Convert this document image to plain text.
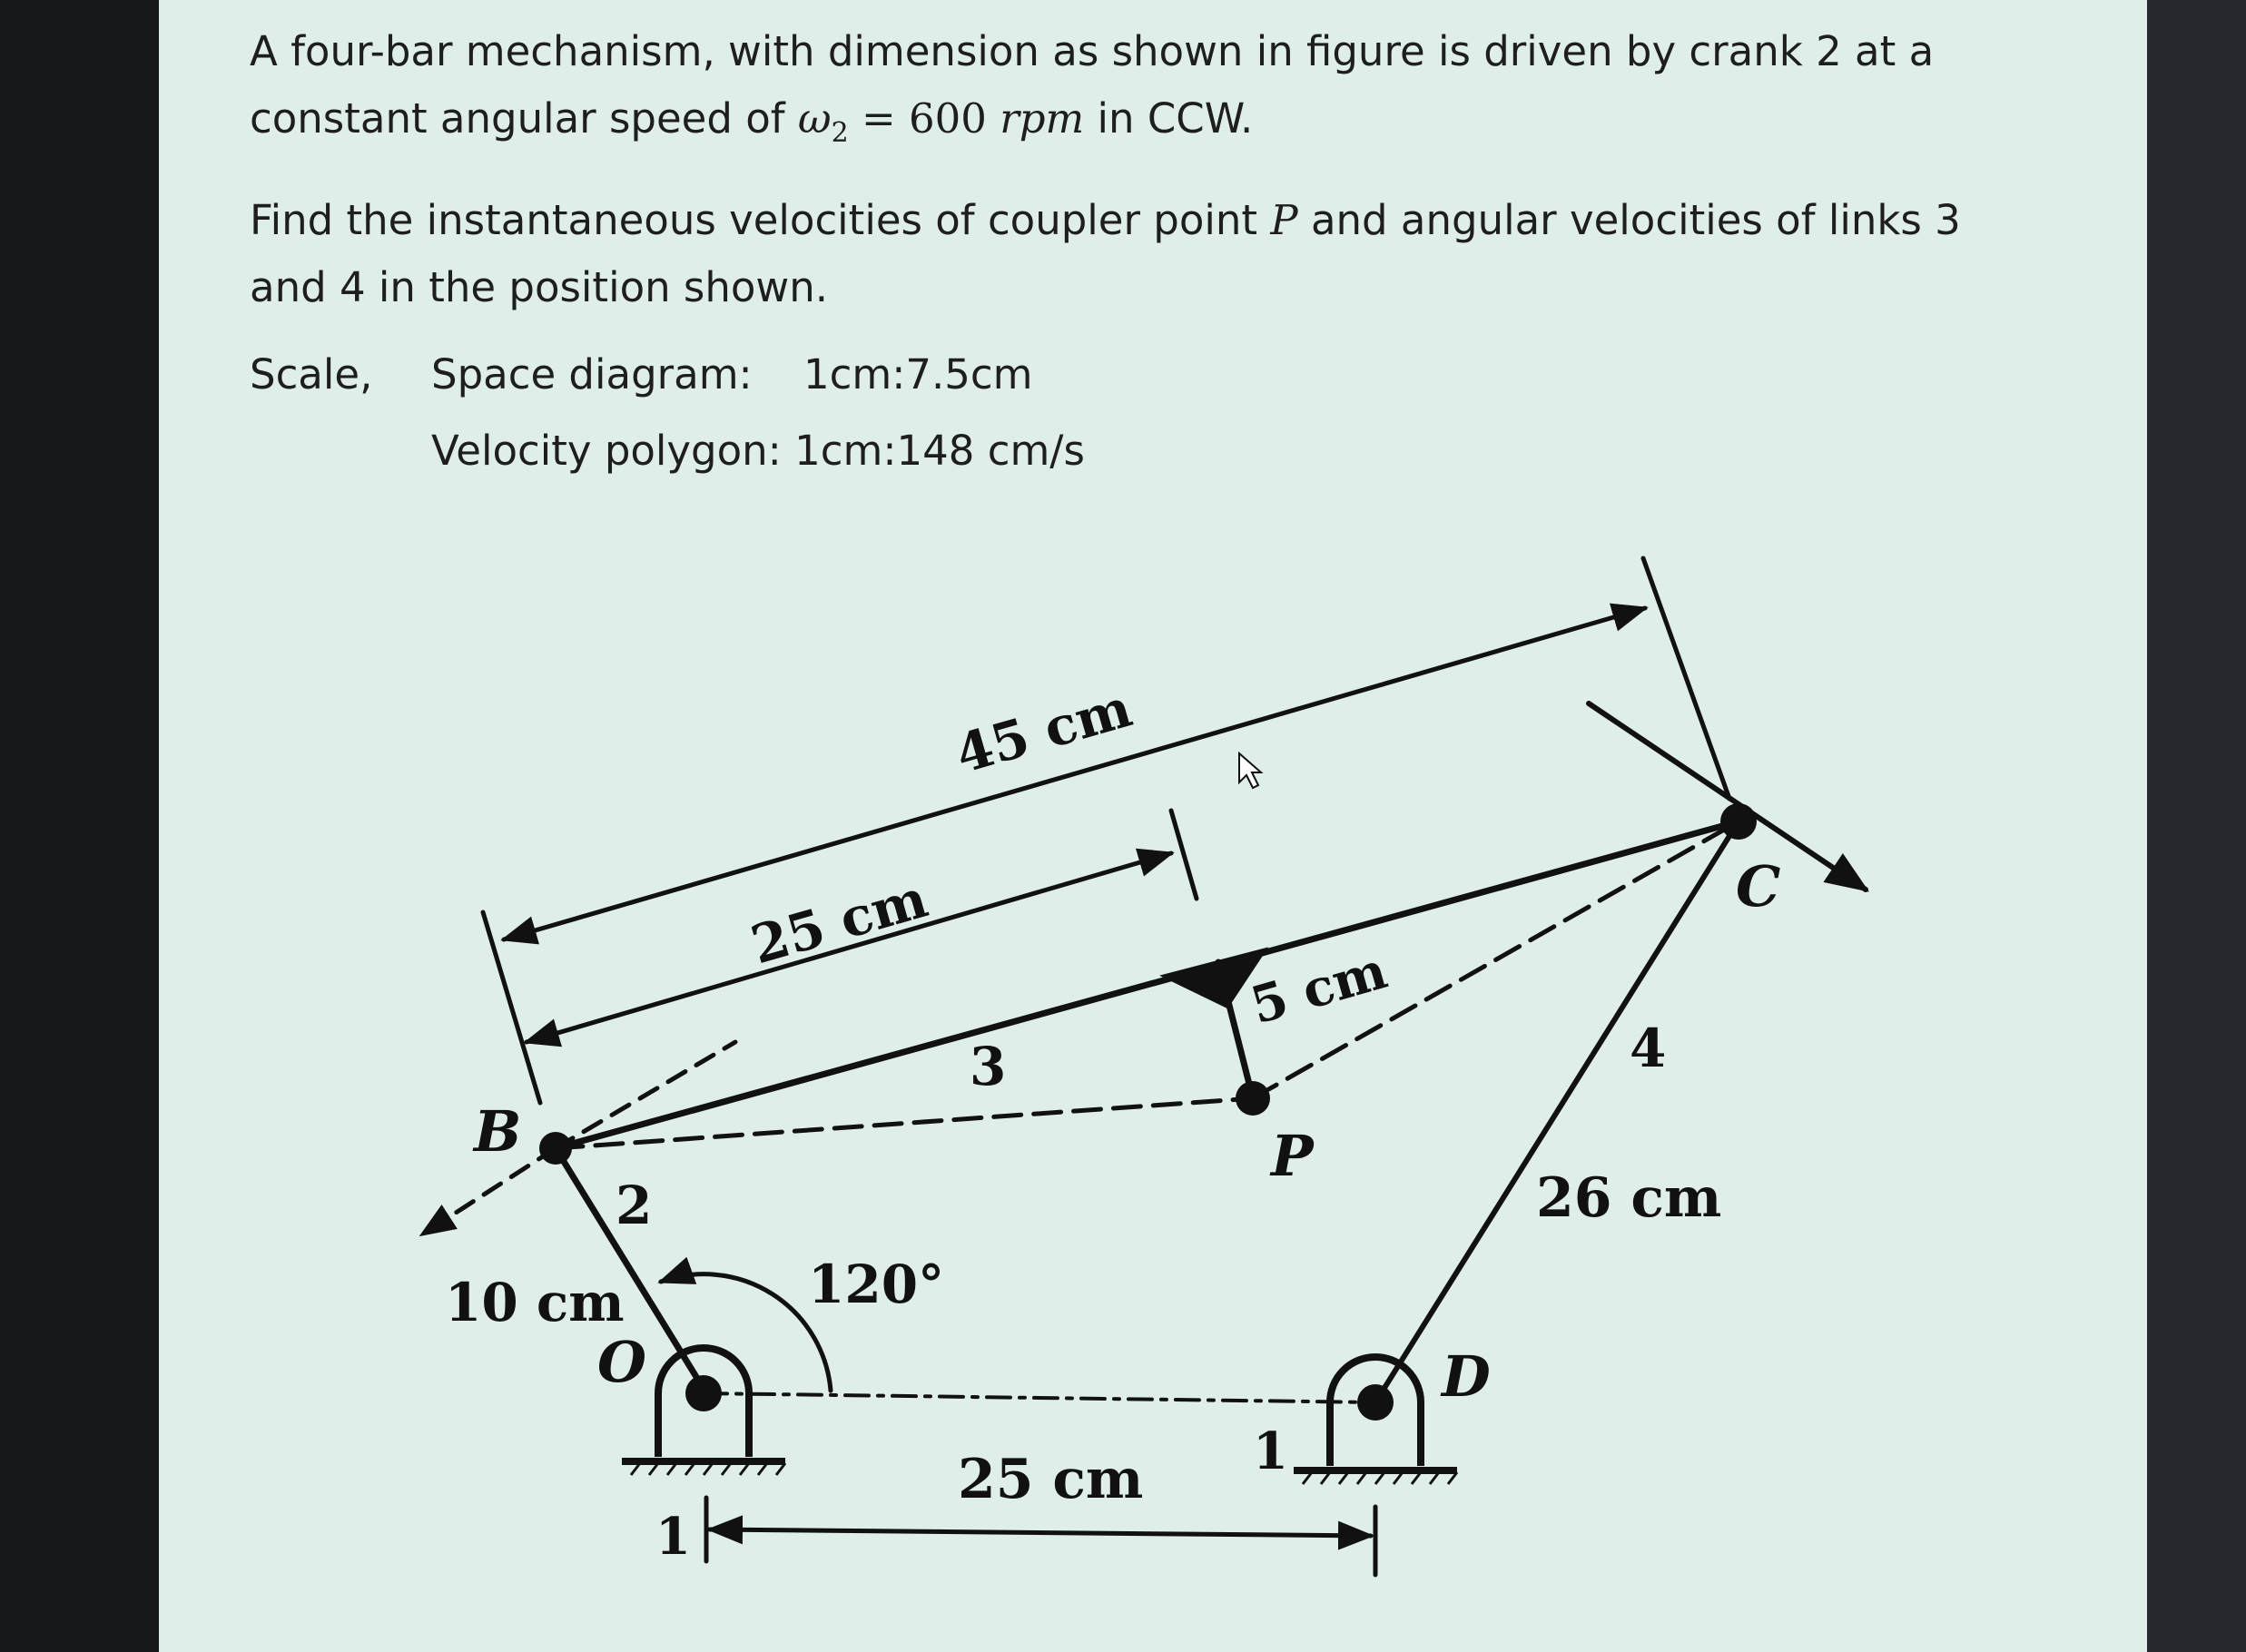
A four-bar mechanism, with dimension as shown in figure is driven by crank 2 at a
constant angular speed of $\omega_2 = 600$ rpm in CCW.

Find the instantaneous velocities of coupler point P and angular velocities of links 3
and 4 in the position shown.

Scale,	Space diagram:	1cm:7.5cm
Velocity polygon: 1cm:148 cm/s
45 cm
25 cm
5 cm
10 cm
26 cm
25 cm
120°
3
2
4
1
1
B
C
D
O
P
